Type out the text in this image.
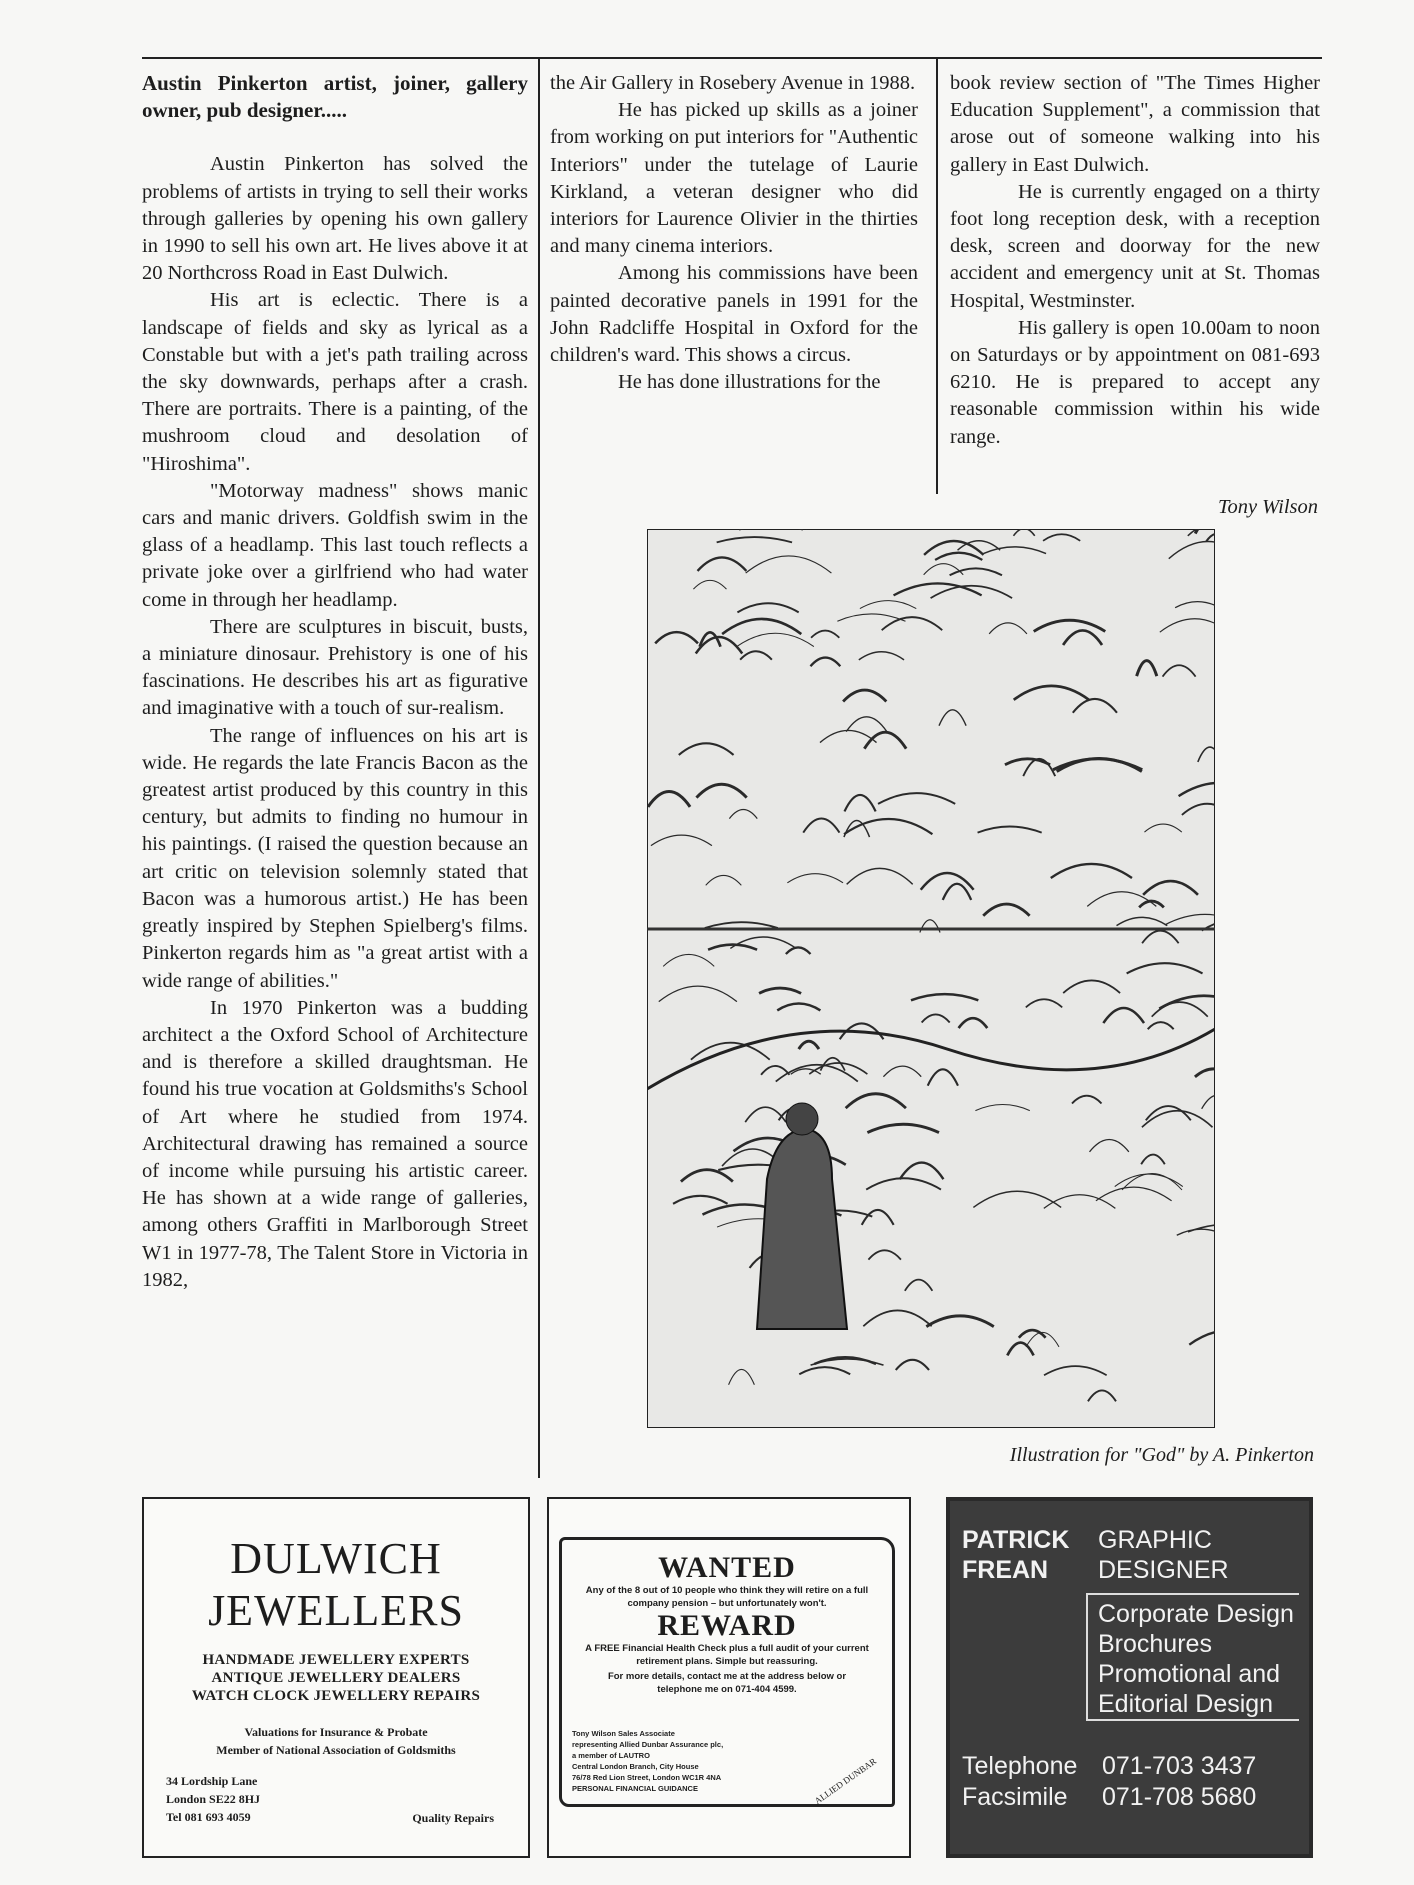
Austin Pinkerton artist, joiner, gallery owner, pub designer.....

Austin Pinkerton has solved the problems of artists in trying to sell their works through galleries by opening his own gallery in 1990 to sell his own art. He lives above it at 20 Northcross Road in East Dulwich.

His art is eclectic. There is a landscape of fields and sky as lyrical as a Constable but with a jet's path trailing across the sky downwards, perhaps after a crash. There are portraits. There is a painting, of the mushroom cloud and desolation of "Hiroshima".

"Motorway madness" shows manic cars and manic drivers. Goldfish swim in the glass of a headlamp. This last touch reflects a private joke over a girlfriend who had water come in through her headlamp.

There are sculptures in biscuit, busts, a miniature dinosaur. Prehistory is one of his fascinations. He describes his art as figurative and imaginative with a touch of sur-realism.

The range of influences on his art is wide. He regards the late Francis Bacon as the greatest artist produced by this country in this century, but admits to finding no humour in his paintings. (I raised the question because an art critic on television solemnly stated that Bacon was a humorous artist.) He has been greatly inspired by Stephen Spielberg's films. Pinkerton regards him as "a great artist with a wide range of abilities."

In 1970 Pinkerton was a budding architect a the Oxford School of Architecture and is therefore a skilled draughtsman. He found his true vocation at Goldsmiths's School of Art where he studied from 1974. Architectural drawing has remained a source of income while pursuing his artistic career. He has shown at a wide range of galleries, among others Graffiti in Marlborough Street W1 in 1977-78, The Talent Store in Victoria in 1982,

the Air Gallery in Rosebery Avenue in 1988.

He has picked up skills as a joiner from working on put interiors for "Authentic Interiors" under the tutelage of Laurie Kirkland, a veteran designer who did interiors for Laurence Olivier in the thirties and many cinema interiors.

Among his commissions have been painted decorative panels in 1991 for the John Radcliffe Hospital in Oxford for the children's ward. This shows a circus.

He has done illustrations for the

book review section of "The Times Higher Education Supplement", a commission that arose out of someone walking into his gallery in East Dulwich.

He is currently engaged on a thirty foot long reception desk, with a reception desk, screen and doorway for the new accident and emergency unit at St. Thomas Hospital, Westminster.

His gallery is open 10.00am to noon on Saturdays or by appointment on 081-693 6210. He is prepared to accept any reasonable commission within his wide range.

Tony Wilson
Illustration for "God" by A. Pinkerton
DULWICH
JEWELLERS
HANDMADE JEWELLERY EXPERTS
ANTIQUE JEWELLERY DEALERS
WATCH CLOCK JEWELLERY REPAIRS
Valuations for Insurance & Probate
Member of National Association of Goldsmiths
34 Lordship Lane
London SE22 8HJ
Tel 081 693 4059	Quality Repairs
WANTED
Any of the 8 out of 10 people who think they will retire on a full company pension – but unfortunately won't.
REWARD
A FREE Financial Health Check plus a full audit of your current retirement plans. Simple but reassuring.
For more details, contact me at the address below or telephone me on 071-404 4599.
Tony Wilson Sales Associate
representing Allied Dunbar Assurance plc,
a member of LAUTRO
Central London Branch, City House
76/78 Red Lion Street, London WC1R 4NA
PERSONAL FINANCIAL GUIDANCE	ALLIED DUNBAR
PATRICK
FREAN
GRAPHIC
DESIGNER
Corporate Design
Brochures
Promotional and
Editorial Design
Telephone 071-703 3437
Facsimile 071-708 5680
